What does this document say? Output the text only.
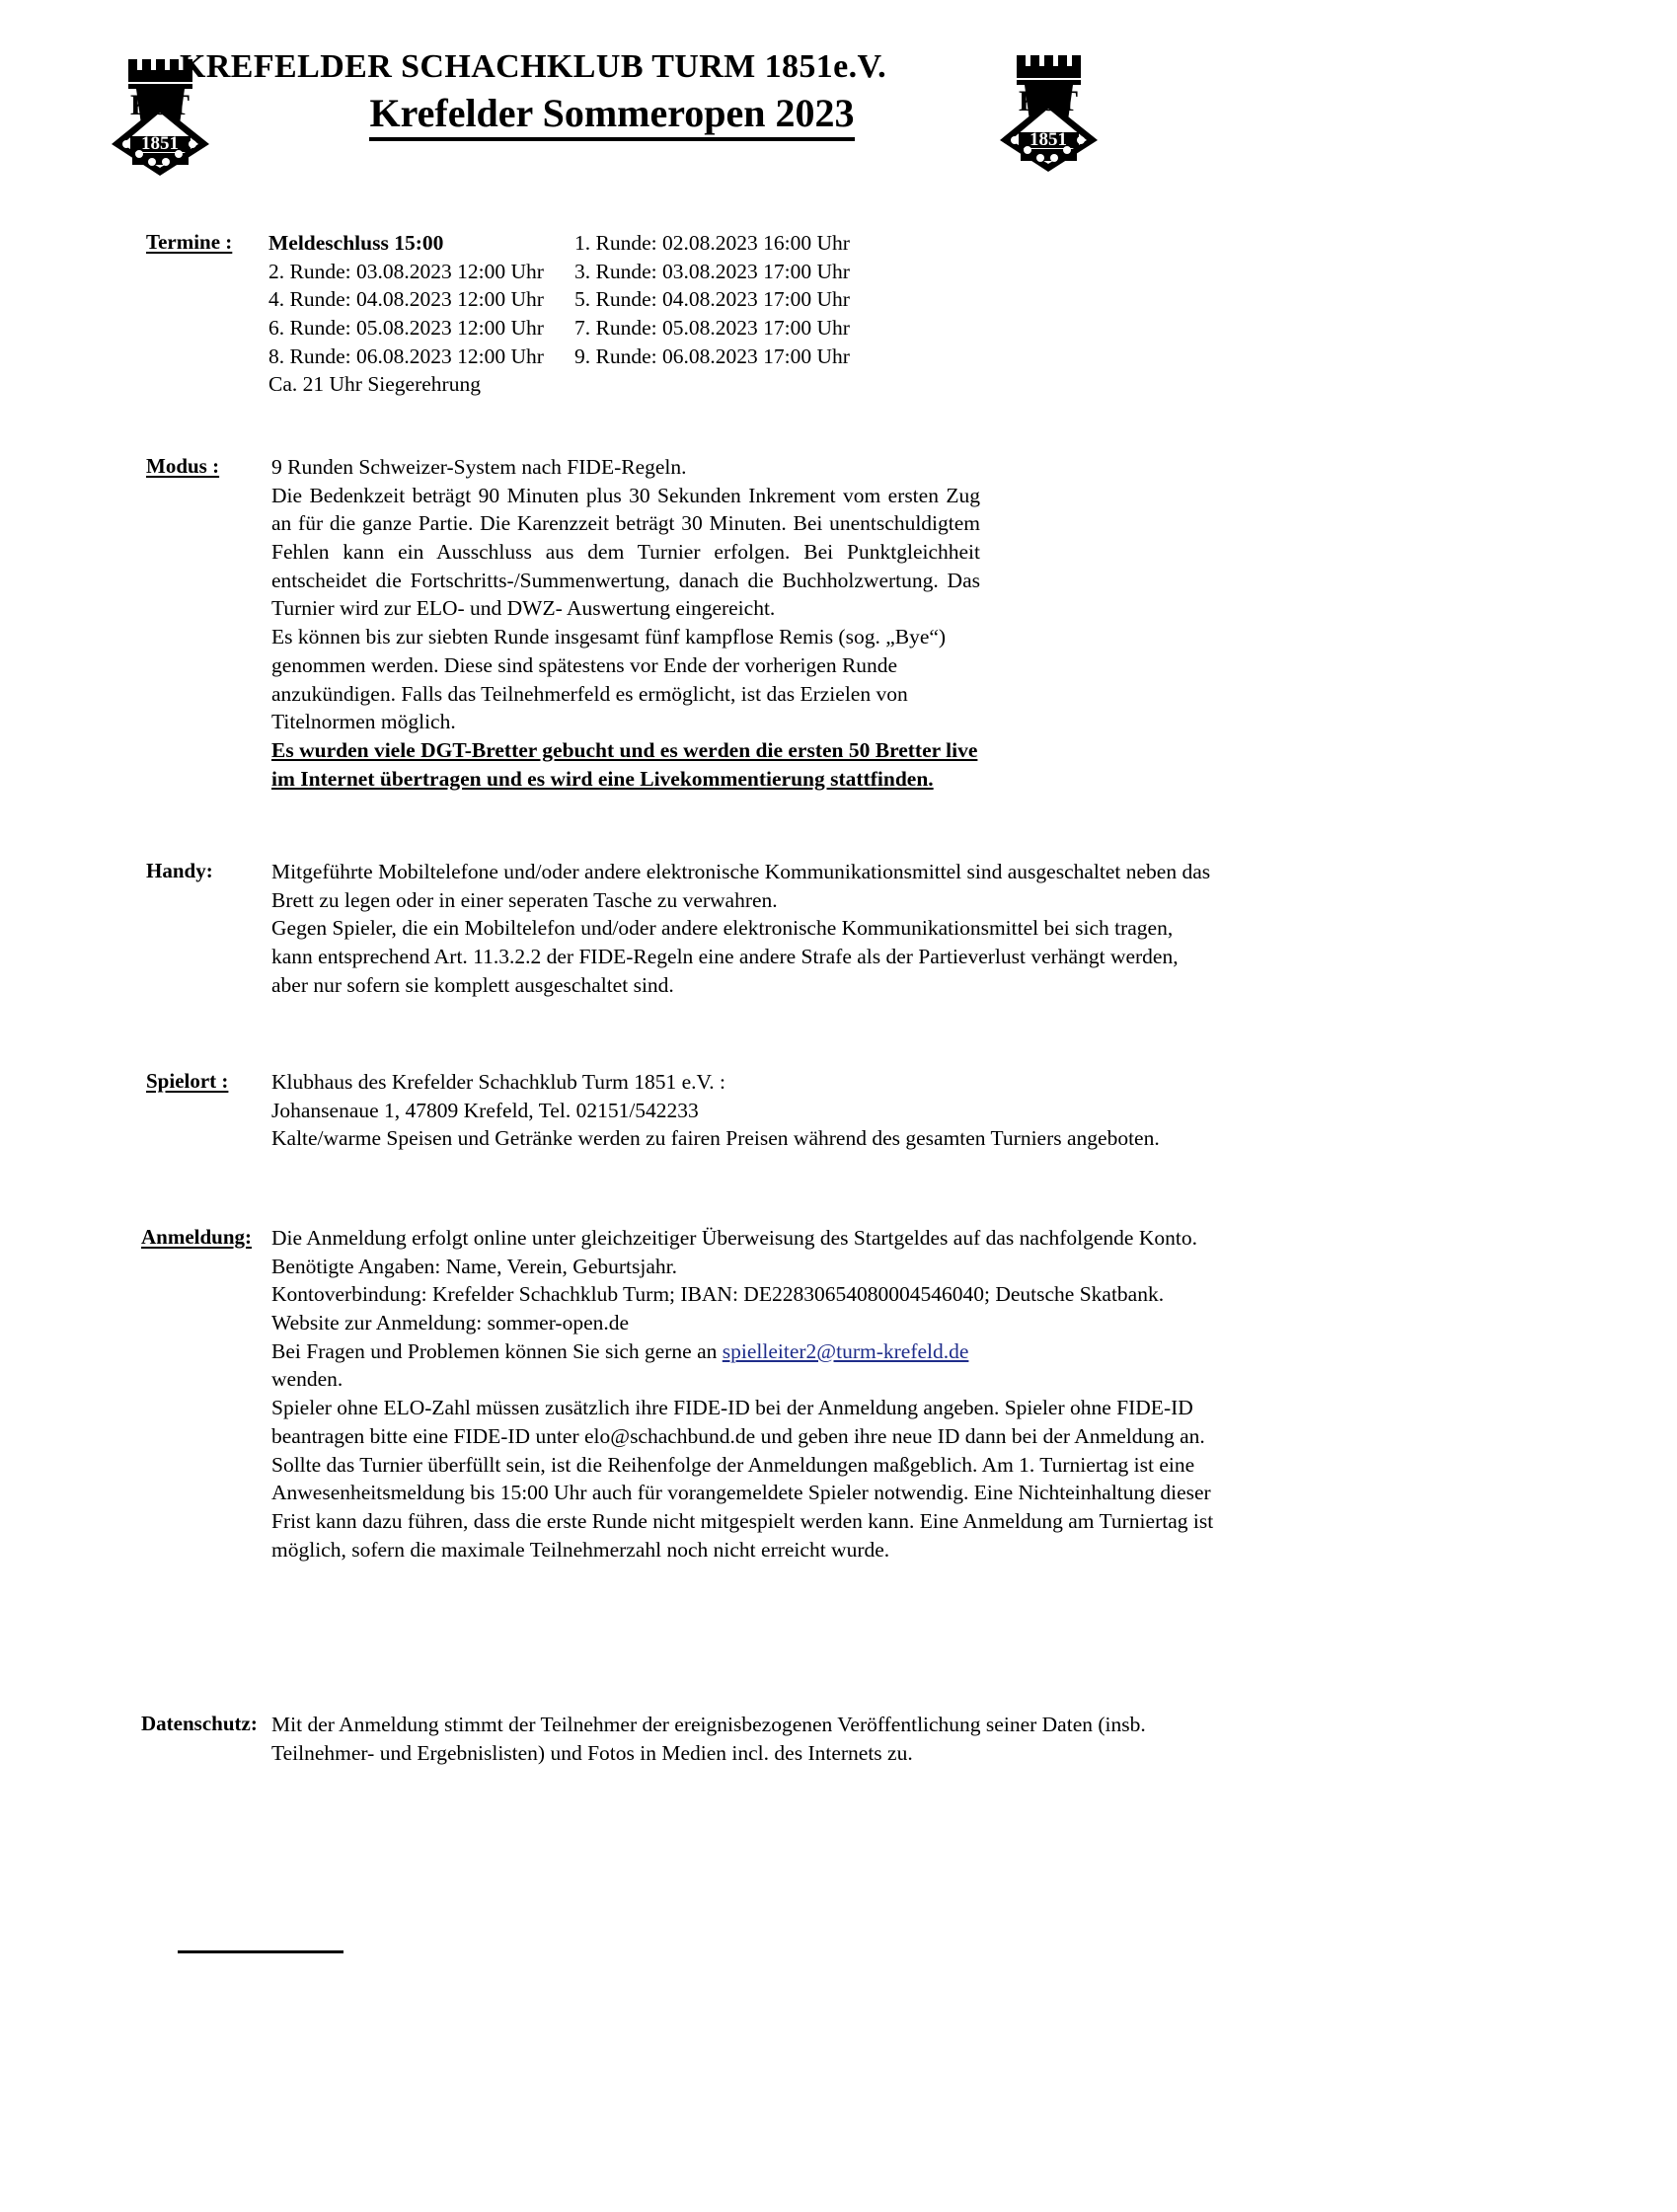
KST
1851
KREFELDER SCHACHKLUB TURM 1851e.V.
Krefelder Sommeropen 2023	KST
1851
Termine :	Meldeschluss 15:00	1. Runde: 02.08.2023 16:00 Uhr
2. Runde: 03.08.2023 12:00 Uhr	3. Runde: 03.08.2023 17:00 Uhr
4. Runde: 04.08.2023 12:00 Uhr	5. Runde: 04.08.2023 17:00 Uhr
6. Runde: 05.08.2023 12:00 Uhr	7. Runde: 05.08.2023 17:00 Uhr
8. Runde: 06.08.2023 12:00 Uhr	9. Runde: 06.08.2023 17:00 Uhr
Ca. 21 Uhr Siegerehrung
Modus :	9 Runden Schweizer-System nach FIDE-Regeln.

Die Bedenkzeit beträgt 90 Minuten plus 30 Sekunden Inkrement vom ersten Zug an für die ganze Partie. Die Karenzzeit beträgt 30 Minuten. Bei unentschuldigtem Fehlen kann ein Ausschluss aus dem Turnier erfolgen. Bei Punktgleichheit entscheidet die Fortschritts-/Summenwertung, danach die Buchholzwertung. Das Turnier wird zur ELO- und DWZ- Auswertung eingereicht.

Es können bis zur siebten Runde insgesamt fünf kampflose Remis (sog. „Bye“) genommen werden. Diese sind spätestens vor Ende der vorherigen Runde anzukündigen. Falls das Teilnehmerfeld es ermöglicht, ist das Erzielen von Titelnormen möglich.

Es wurden viele DGT-Bretter gebucht und es werden die ersten 50 Bretter live im Internet übertragen und es wird eine Livekommentierung stattfinden.

Handy:	Mitgeführte Mobiltelefone und/oder andere elektronische Kommunikationsmittel sind ausgeschaltet neben das Brett zu legen oder in einer seperaten Tasche zu verwahren.

Gegen Spieler, die ein Mobiltelefon und/oder andere elektronische Kommunikationsmittel bei sich tragen, kann entsprechend Art. 11.3.2.2 der FIDE-Regeln eine andere Strafe als der Partieverlust verhängt werden, aber nur sofern sie komplett ausgeschaltet sind.

Spielort :	Klubhaus des Krefelder Schachklub Turm 1851 e.V. :

Johansenaue 1, 47809 Krefeld, Tel. 02151/542233

Kalte/warme Speisen und Getränke werden zu fairen Preisen während des gesamten Turniers angeboten.

Anmeldung: Die Anmeldung erfolgt online unter gleichzeitiger Überweisung des Startgeldes auf das nachfolgende Konto. Benötigte Angaben: Name, Verein, Geburtsjahr.

Kontoverbindung: Krefelder Schachklub Turm; IBAN: DE22830654080004546040; Deutsche Skatbank.

Website zur Anmeldung: sommer-open.de

Bei Fragen und Problemen können Sie sich gerne an spielleiter2@turm-krefeld.de

wenden.

Spieler ohne ELO-Zahl müssen zusätzlich ihre FIDE-ID bei der Anmeldung angeben. Spieler ohne FIDE-ID beantragen bitte eine FIDE-ID unter elo@schachbund.de und geben ihre neue ID dann bei der Anmeldung an. Sollte das Turnier überfüllt sein, ist die Reihenfolge der Anmeldungen maßgeblich. Am 1. Turniertag ist eine Anwesenheitsmeldung bis 15:00 Uhr auch für vorangemeldete Spieler notwendig. Eine Nichteinhaltung dieser Frist kann dazu führen, dass die erste Runde nicht mitgespielt werden kann. Eine Anmeldung am Turniertag ist möglich, sofern die maximale Teilnehmerzahl noch nicht erreicht wurde.

Datenschutz: Mit der Anmeldung stimmt der Teilnehmer der ereignisbezogenen Veröffentlichung seiner Daten (insb. Teilnehmer- und Ergebnislisten) und Fotos in Medien incl. des Internets zu.
